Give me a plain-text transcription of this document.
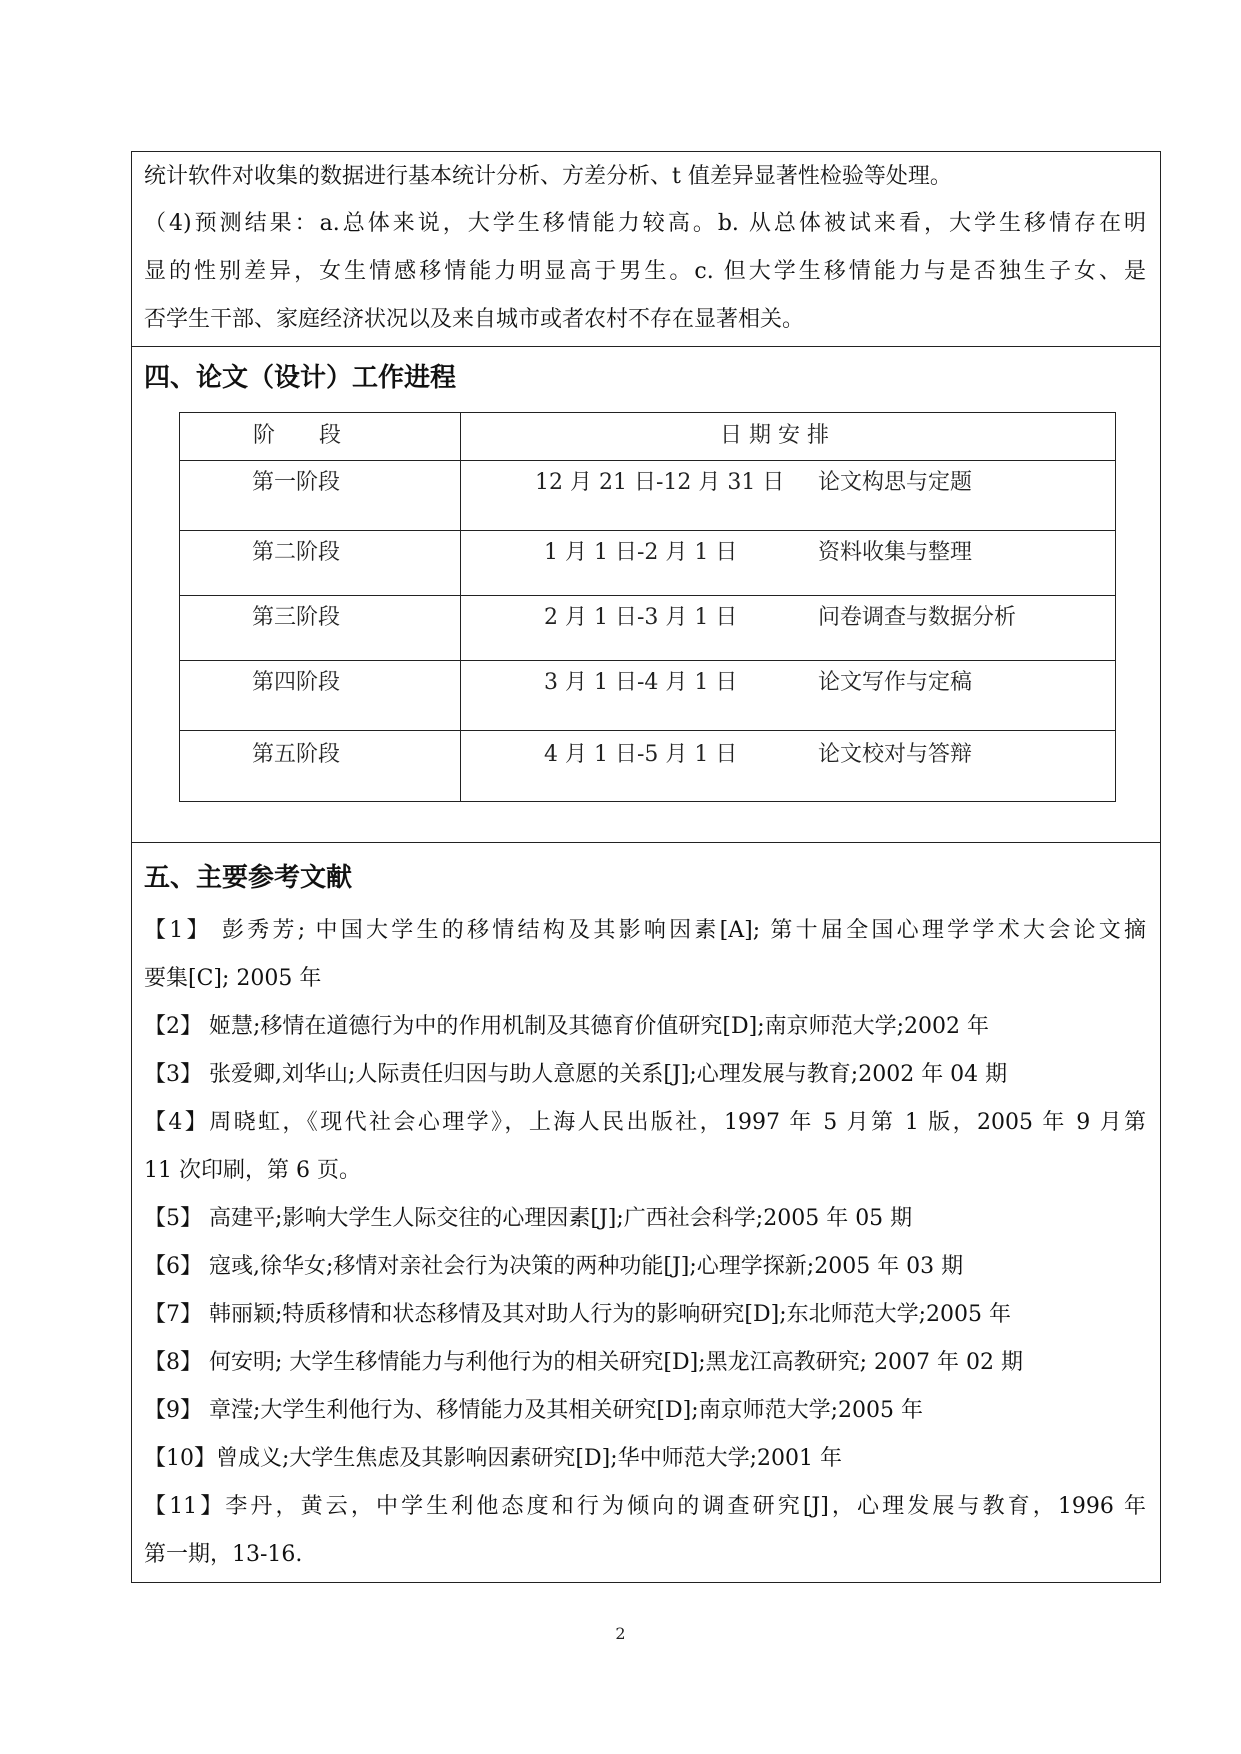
统计软件对收集的数据进行基本统计分析、方差分析、t 值差异显著性检验等处理。
（4)预测结果：a.总体来说，大学生移情能力较高。b. 从总体被试来看，大学生移情存在明
显的性别差异，女生情感移情能力明显高于男生。c. 但大学生移情能力与是否独生子女、是
否学生干部、家庭经济状况以及来自城市或者农村不存在显著相关。
四、论文（设计）工作进程
阶　　段	日 期 安 排
第一阶段	12 月 21 日-12 月 31 日 论文构思与定题
第二阶段	1 月 1 日-2 月 1 日	资料收集与整理
第三阶段	2 月 1 日-3 月 1 日	问卷调查与数据分析
第四阶段	3 月 1 日-4 月 1 日	论文写作与定稿
第五阶段	4 月 1 日-5 月 1 日	论文校对与答辩
五、主要参考文献
【1】 彭秀芳; 中国大学生的移情结构及其影响因素[A]; 第十届全国心理学学术大会论文摘
要集[C]; 2005 年
【2】 姬慧;移情在道德行为中的作用机制及其德育价值研究[D];南京师范大学;2002 年
【3】 张爱卿,刘华山;人际责任归因与助人意愿的关系[J];心理发展与教育;2002 年 04 期
【4】周晓虹，《现代社会心理学》，上海人民出版社，1997 年 5 月第 1 版，2005 年 9 月第
11 次印刷，第 6 页。
【5】 高建平;影响大学生人际交往的心理因素[J];广西社会科学;2005 年 05 期
【6】 寇彧,徐华女;移情对亲社会行为决策的两种功能[J];心理学探新;2005 年 03 期
【7】 韩丽颖;特质移情和状态移情及其对助人行为的影响研究[D];东北师范大学;2005 年
【8】 何安明; 大学生移情能力与利他行为的相关研究[D];黑龙江高教研究; 2007 年 02 期
【9】 章滢;大学生利他行为、移情能力及其相关研究[D];南京师范大学;2005 年
【10】曾成义;大学生焦虑及其影响因素研究[D];华中师范大学;2001 年
【11】李丹，黄云，中学生利他态度和行为倾向的调查研究[J]，心理发展与教育，1996 年
第一期，13-16.
2
